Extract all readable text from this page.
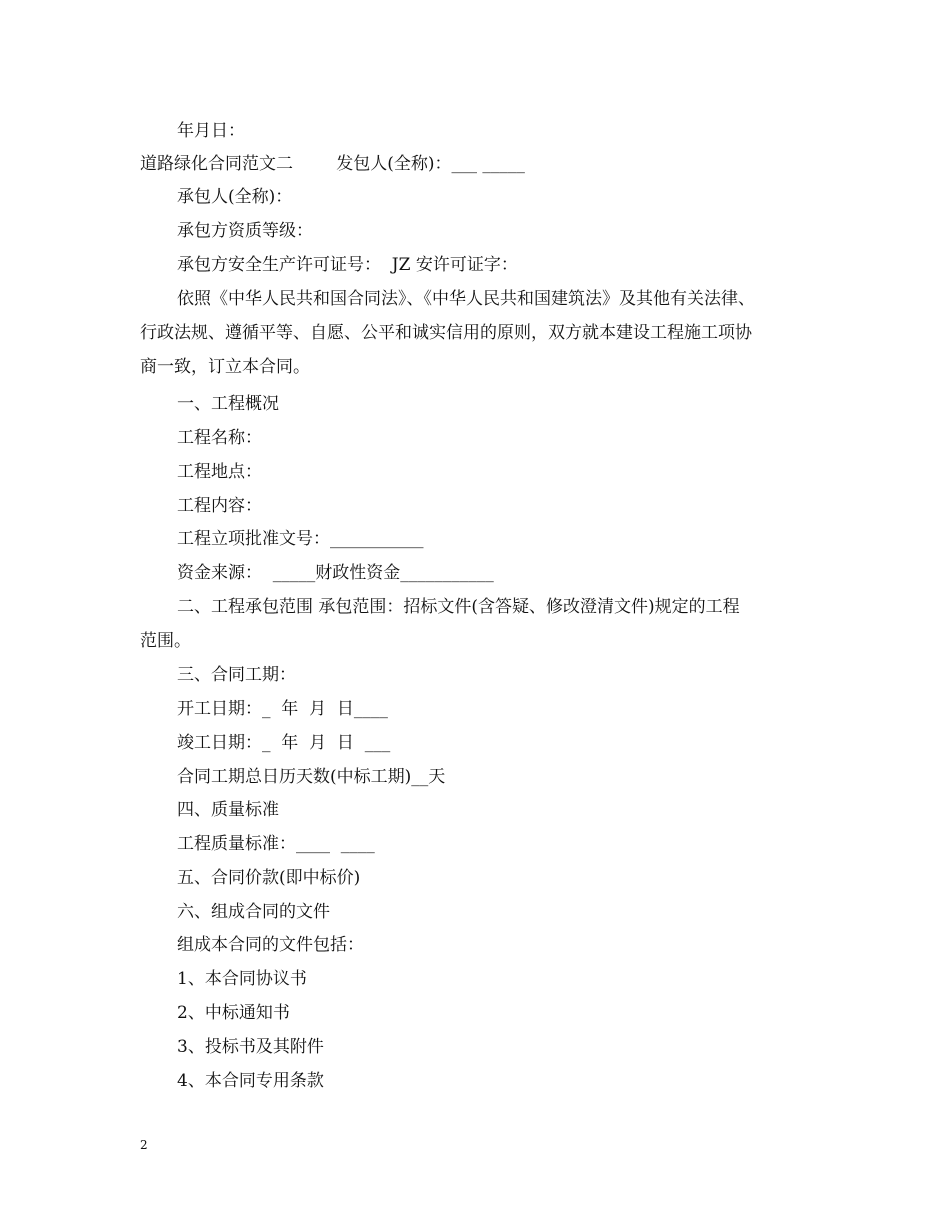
年月日：
道路绿化合同范文二        发包人(全称)：___ _____
承包人(全称)：
承包方资质等级：
承包方安全生产许可证号：  JZ 安许可证字：
依照《中华人民共和国合同法》、《中华人民共和国建筑法》及其他有关法律、
行政法规、遵循平等、自愿、公平和诚实信用的原则，双方就本建设工程施工项协
商一致，订立本合同。
一、工程概况
工程名称：
工程地点：
工程内容：
工程立项批准文号：___________
资金来源：  _____财政性资金___________
二、工程承包范围 承包范围：招标文件(含答疑、修改澄清文件)规定的工程
范围。
三、合同工期：
开工日期：_  年  月  日____
竣工日期：_  年  月  日  ___
合同工期总日历天数(中标工期)__天
四、质量标准
工程质量标准：____  ____
五、合同价款(即中标价)
六、组成合同的文件
组成本合同的文件包括：
1、本合同协议书
2、中标通知书
3、投标书及其附件
4、本合同专用条款
2
